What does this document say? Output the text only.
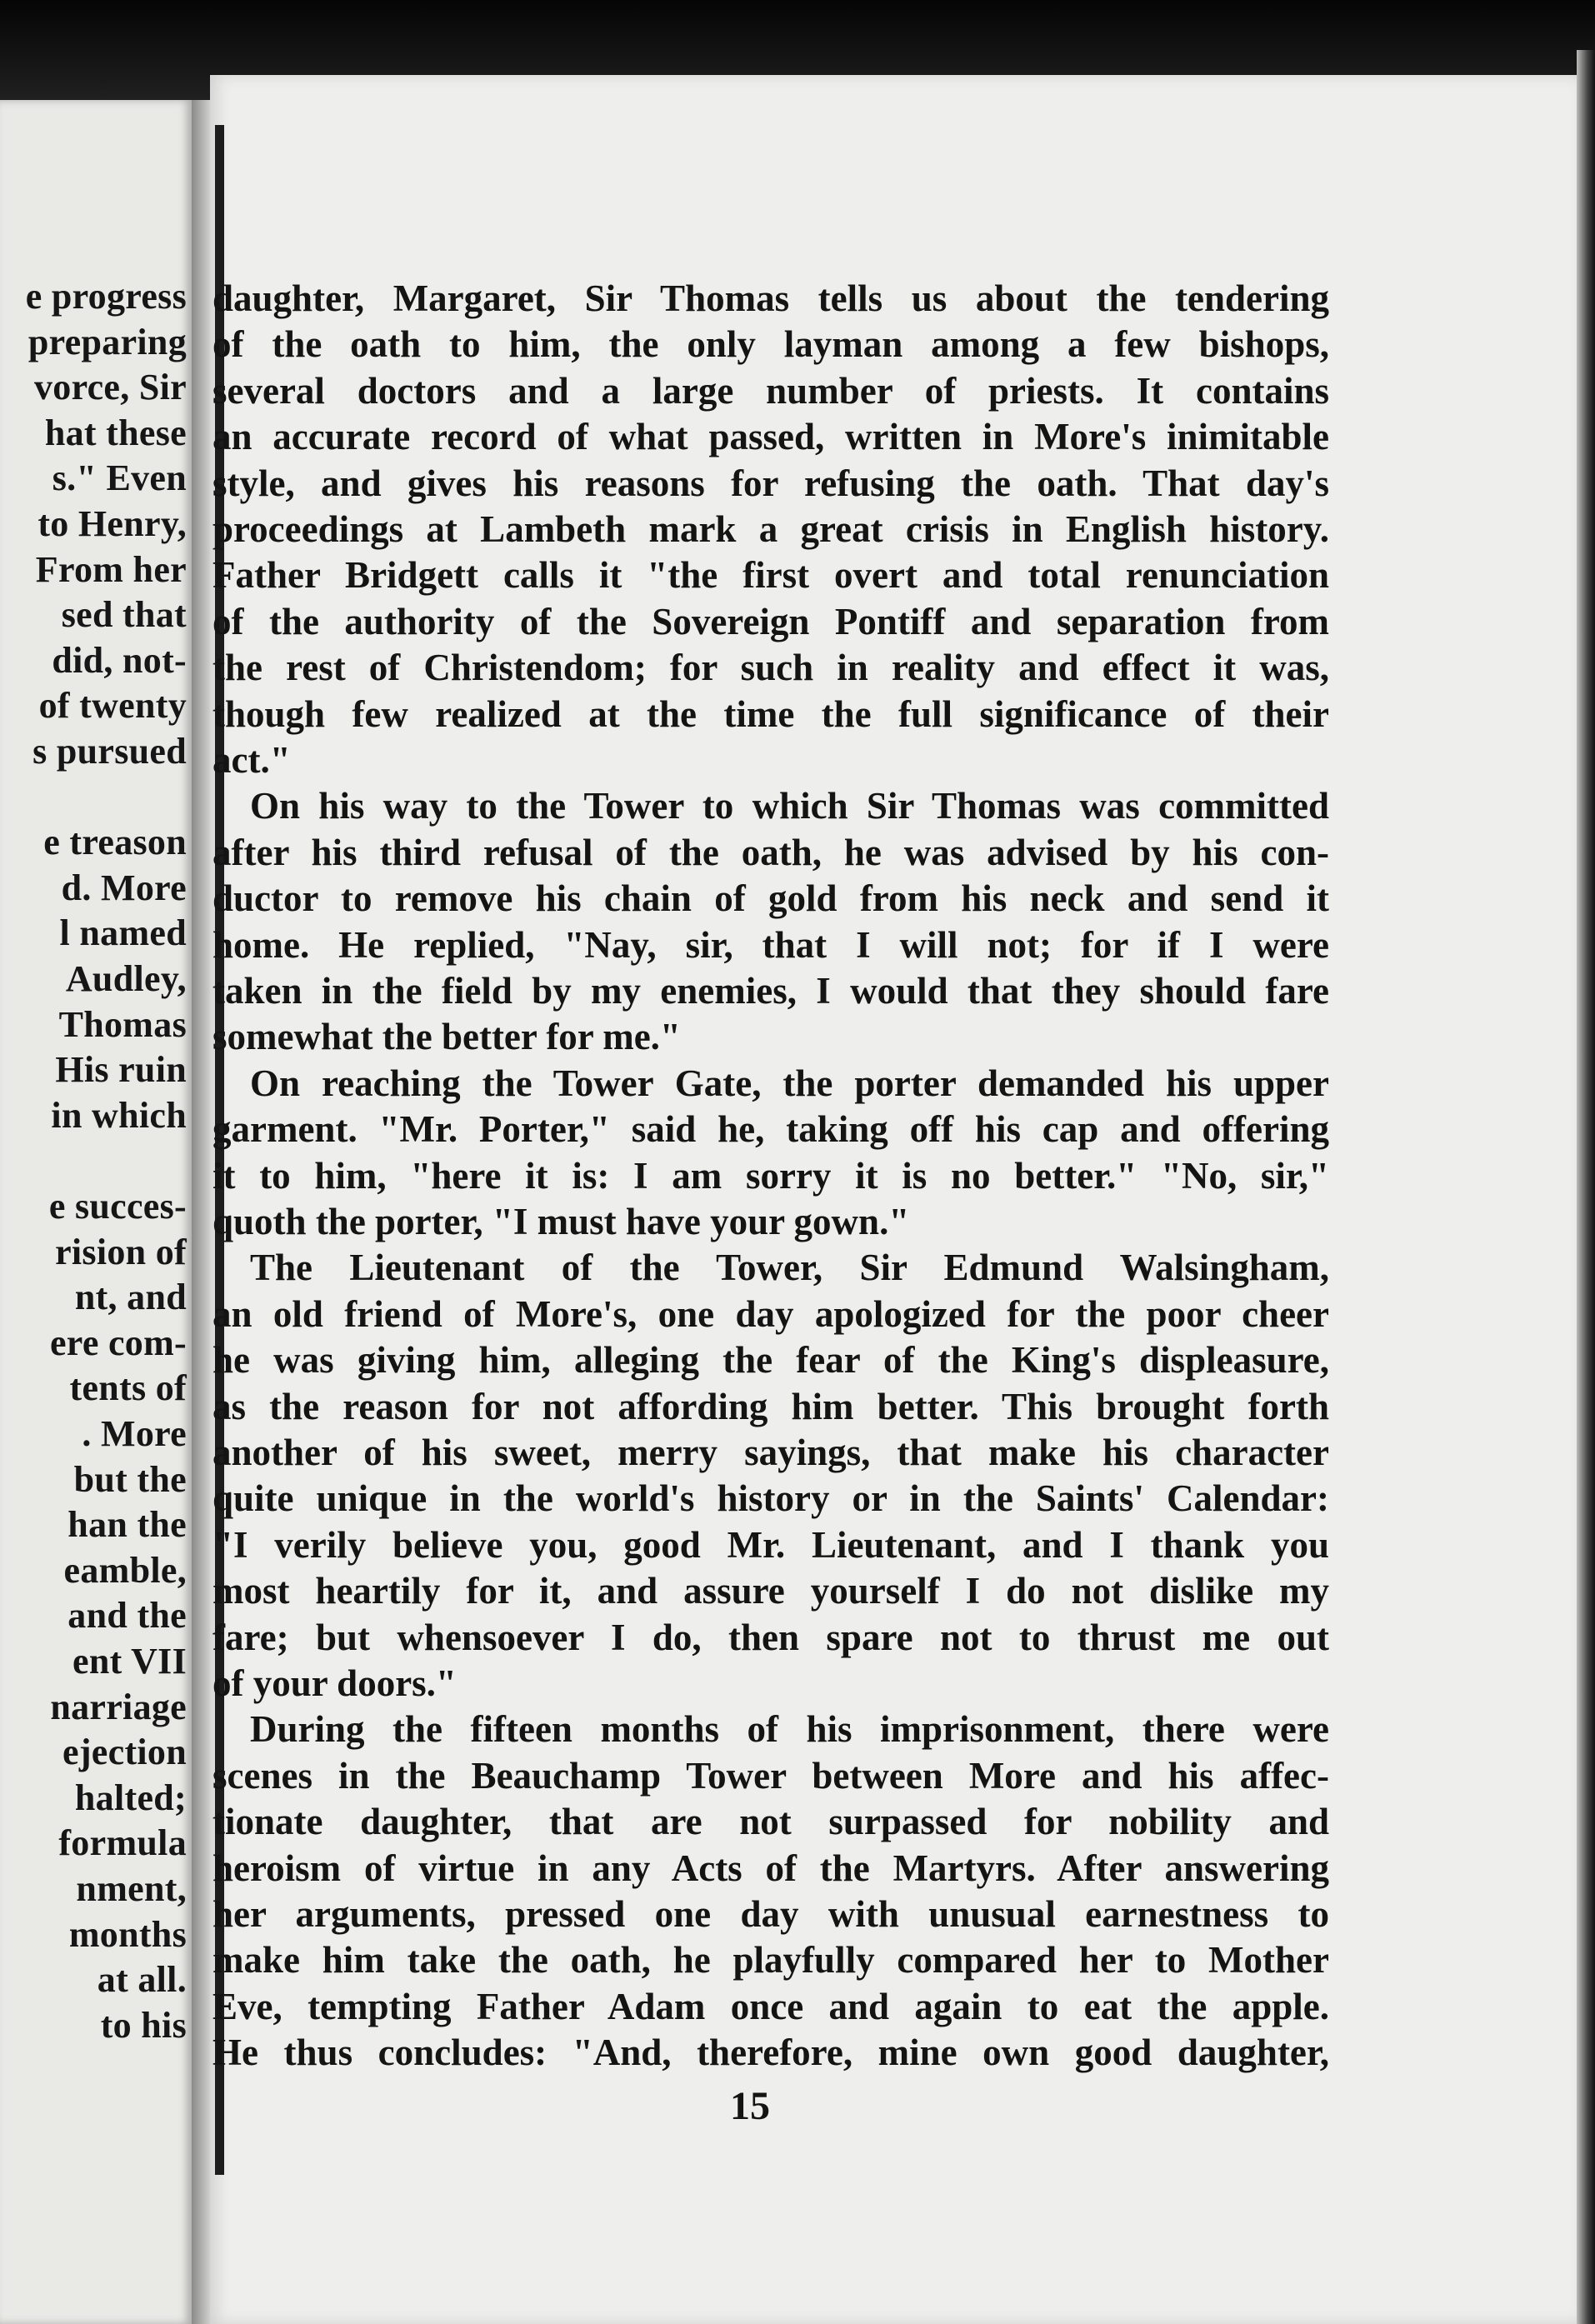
e progress
preparing
vorce, Sir
hat these
s." Even
to Henry,
From her
sed that
did, not-
of twenty
s pursued
e treason
d. More
l named
Audley,
Thomas
His ruin
in which
e succes-
rision of
nt, and
ere com-
tents of
. More
but the
han the
eamble,
and the
ent VII
narriage
ejection
halted;
formula
nment,
months
at all.
to his
daughter, Margaret, Sir Thomas tells us about the tendering
of the oath to him, the only layman among a few bishops,
several doctors and a large number of priests. It contains
an accurate record of what passed, written in More's inimitable
style, and gives his reasons for refusing the oath. That day's
proceedings at Lambeth mark a great crisis in English history.
Father Bridgett calls it "the first overt and total renunciation
of the authority of the Sovereign Pontiff and separation from
the rest of Christendom; for such in reality and effect it was,
though few realized at the time the full significance of their
act."
On his way to the Tower to which Sir Thomas was committed
after his third refusal of the oath, he was advised by his con-
ductor to remove his chain of gold from his neck and send it
home. He replied, "Nay, sir, that I will not; for if I were
taken in the field by my enemies, I would that they should fare
somewhat the better for me."
On reaching the Tower Gate, the porter demanded his upper
garment. "Mr. Porter," said he, taking off his cap and offering
it to him, "here it is: I am sorry it is no better." "No, sir,"
quoth the porter, "I must have your gown."
The Lieutenant of the Tower, Sir Edmund Walsingham,
an old friend of More's, one day apologized for the poor cheer
he was giving him, alleging the fear of the King's displeasure,
as the reason for not affording him better. This brought forth
another of his sweet, merry sayings, that make his character
quite unique in the world's history or in the Saints' Calendar:
"I verily believe you, good Mr. Lieutenant, and I thank you
most heartily for it, and assure yourself I do not dislike my
fare; but whensoever I do, then spare not to thrust me out
of your doors."
During the fifteen months of his imprisonment, there were
scenes in the Beauchamp Tower between More and his affec-
tionate daughter, that are not surpassed for nobility and
heroism of virtue in any Acts of the Martyrs. After answering
her arguments, pressed one day with unusual earnestness to
make him take the oath, he playfully compared her to Mother
Eve, tempting Father Adam once and again to eat the apple.
He thus concludes: "And, therefore, mine own good daughter,
15
